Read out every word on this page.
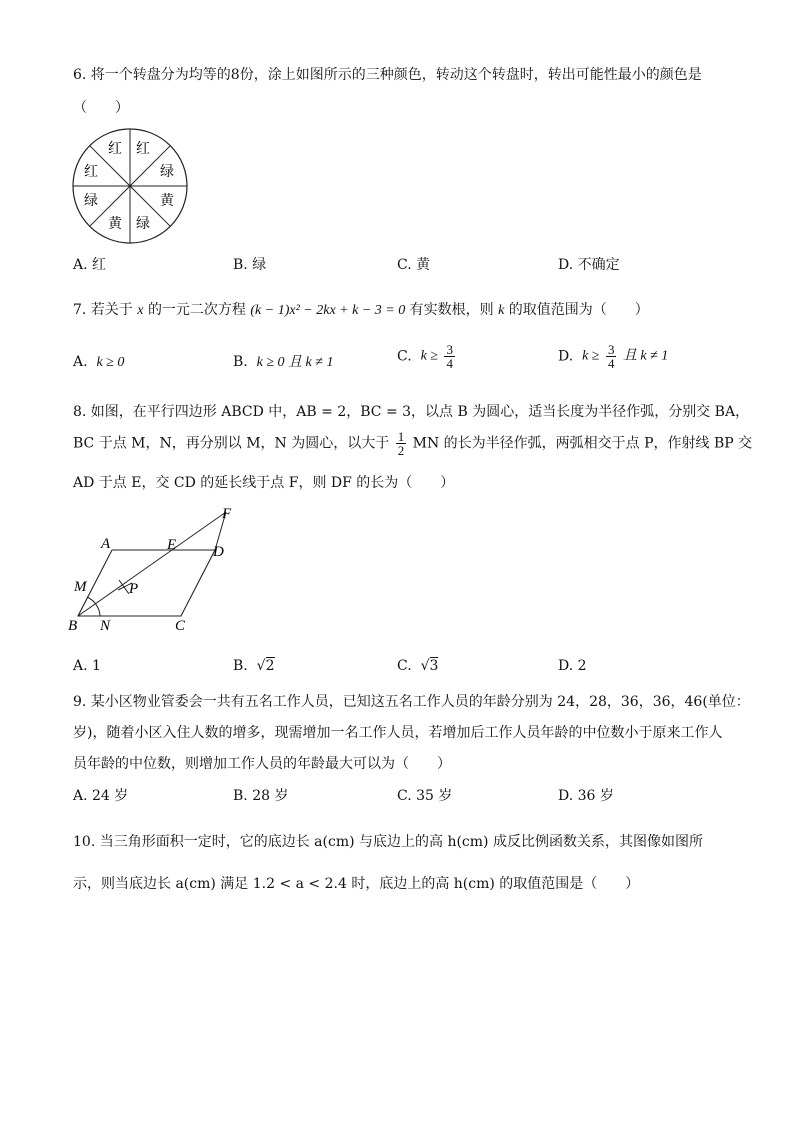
6. 将一个转盘分为均等的8份，涂上如图所示的三种颜色，转动这个转盘时，转出可能性最小的颜色是
（　　）
红 红
绿
黄
绿
黄
绿
红
A. 红	B. 绿	C. 黄	D. 不确定
7. 若关于 x 的一元二次方程 (k − 1)x² − 2kx + k − 3 = 0 有实数根，则 k 的取值范围为（　　）
A. k ≥ 0	B. k ≥ 0 且 k ≠ 1	C. $k \ge \frac{3}{4}$	D. $k \ge \frac{3}{4}$ 且 k ≠ 1
8. 如图，在平行四边形 ABCD 中，AB = 2，BC = 3，以点 B 为圆心，适当长度为半径作弧，分别交 BA，
BC 于点 M，N，再分别以 M，N 为圆心，以大于 $\frac{1}{2}$ MN 的长为半径作弧，两弧相交于点 P，作射线 BP 交
AD 于点 E，交 CD 的延长线于点 F，则 DF 的长为（　　）
A	E D
F
M	P
B N	C
A. 1	B. √2	C. √3	D. 2
9. 某小区物业管委会一共有五名工作人员，已知这五名工作人员的年龄分别为 24，28，36，36，46(单位：
岁)，随着小区入住人数的增多，现需增加一名工作人员，若增加后工作人员年龄的中位数小于原来工作人
员年龄的中位数，则增加工作人员的年龄最大可以为（　　）
A. 24 岁	B. 28 岁	C. 35 岁	D. 36 岁
10. 当三角形面积一定时，它的底边长 a(cm) 与底边上的高 h(cm) 成反比例函数关系，其图像如图所
示，则当底边长 a(cm) 满足 1.2 < a < 2.4 时，底边上的高 h(cm) 的取值范围是（　　）
